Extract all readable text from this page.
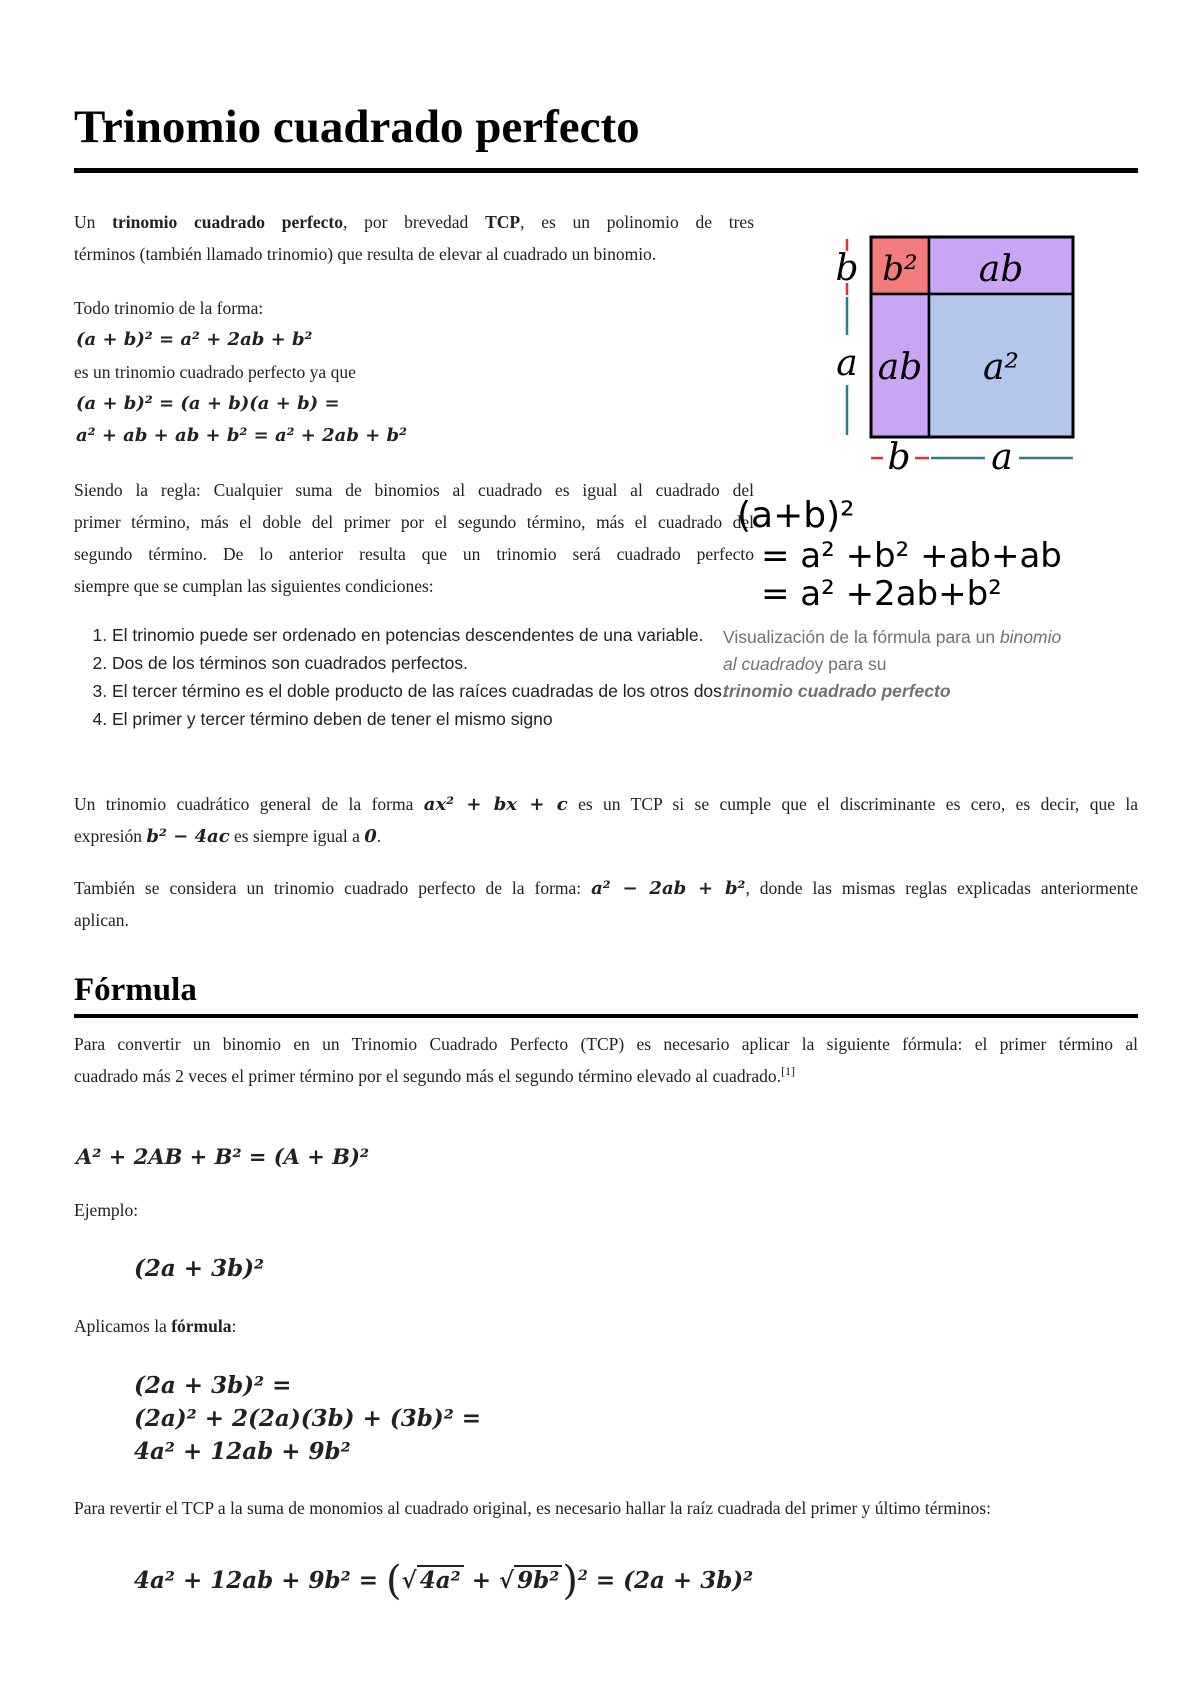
Trinomio cuadrado perfecto
Un trinomio cuadrado perfecto, por brevedad TCP, es un polinomio de tres
términos (también llamado trinomio) que resulta de elevar al cuadrado un binomio.
Todo trinomio de la forma:
(a + b)² = a² + 2ab + b²
es un trinomio cuadrado perfecto ya que
(a + b)² = (a + b)(a + b) =
a² + ab + ab + b² = a² + 2ab + b²
Siendo la regla: Cualquier suma de binomios al cuadrado es igual al cuadrado del
primer término, más el doble del primer por el segundo término, más el cuadrado del
segundo término. De lo anterior resulta que un trinomio será cuadrado perfecto
siempre que se cumplan las siguientes condiciones:
1. El trinomio puede ser ordenado en potencias descendentes de una variable.
2. Dos de los términos son cuadrados perfectos.
3. El tercer término es el doble producto de las raíces cuadradas de los otros dos.
4. El primer y tercer término deben de tener el mismo signo
Un trinomio cuadrático general de la forma ax² + bx + c es un TCP si se cumple que el discriminante es cero, es decir, que la
expresión b² − 4ac es siempre igual a 0.
También se considera un trinomio cuadrado perfecto de la forma: a² − 2ab + b², donde las mismas reglas explicadas anteriormente
aplican.
Fórmula
Para convertir un binomio en un Trinomio Cuadrado Perfecto (TCP) es necesario aplicar la siguiente fórmula: el primer término al
cuadrado más 2 veces el primer término por el segundo más el segundo término elevado al cuadrado.[1]
A² + 2AB + B² = (A + B)²
Ejemplo:
(2a + 3b)²
Aplicamos la fórmula:
(2a + 3b)² =
(2a)² + 2(2a)(3b) + (3b)² =
4a² + 12ab + 9b²
Para revertir el TCP a la suma de monomios al cuadrado original, es necesario hallar la raíz cuadrada del primer y último términos:
4a² + 12ab + 9b² = (√ 4a² + √ 9b²)$^2$ = (2a + 3b)²
b
a
b a
b² ab
ab a²
(a+b)²
= a² +b² +ab+ab
= a² +2ab+b²
Visualización de la fórmula para un binomio al cuadradoy para su
trinomio cuadrado perfecto
